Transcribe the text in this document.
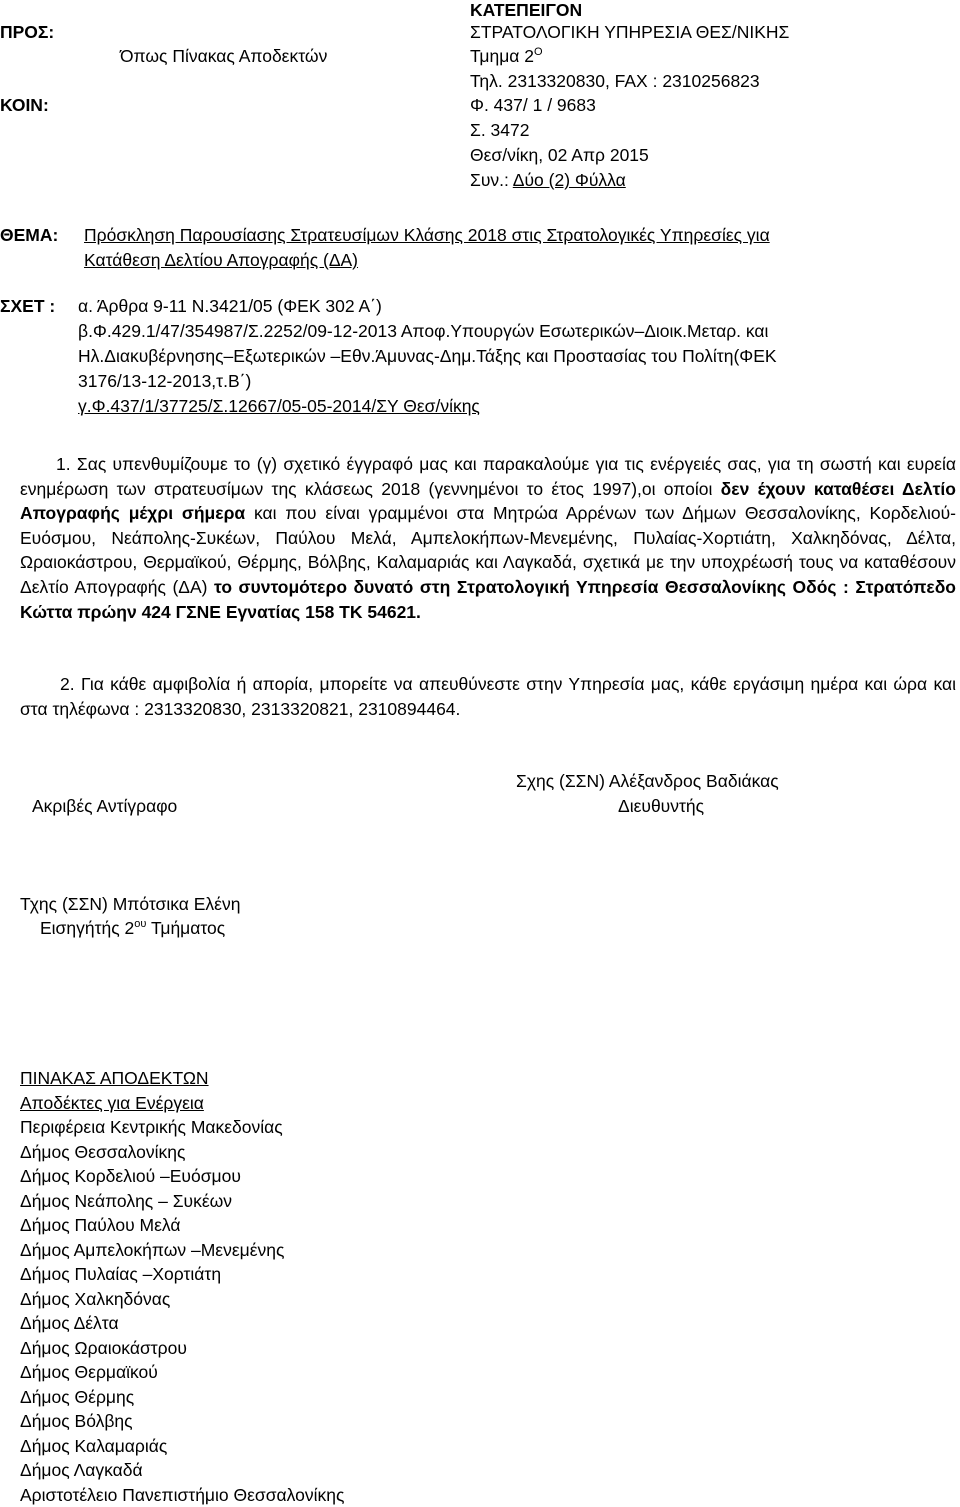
ΚΑΤΕΠΕΙΓΟΝ
ΠΡΟΣ:	ΣΤΡΑΤΟΛΟΓΙΚΗ ΥΠΗΡΕΣΙΑ ΘΕΣ/ΝΙΚΗΣ
Όπως Πίνακας Αποδεκτών	Τμημα $2^O$
Τηλ. 2313320830, FAX : 2310256823
ΚΟΙΝ:	Φ. 437/ 1 / 9683
Σ. 3472
Θεσ/νίκη, 02 Απρ 2015
Συν.: Δύο (2) Φύλλα
ΘΕΜΑ: Πρόσκληση Παρουσίασης Στρατευσίμων Κλάσης 2018 στις Στρατολογικές Υπηρεσίες για
Κατάθεση Δελτίου Απογραφής (ΔΑ)
ΣΧΕΤ : α. Άρθρα 9-11 Ν.3421/05 (ΦΕΚ 302 Α΄)
β.Φ.429.1/47/354987/Σ.2252/09-12-2013 Αποφ.Υπουργών Εσωτερικών–Διοικ.Μεταρ. και
Ηλ.Διακυβέρνησης–Εξωτερικών –Εθν.Άμυνας-Δημ.Τάξης και Προστασίας του Πολίτη(ΦΕΚ
3176/13-12-2013,τ.Β΄)
γ.Φ.437/1/37725/Σ.12667/05-05-2014/ΣΥ Θεσ/νίκης
1. Σας υπενθυμίζουμε το (γ) σχετικό έγγραφό μας και παρακαλούμε για τις ενέργειές σας, για τη σωστή και ευρεία ενημέρωση των στρατευσίμων της κλάσεως 2018 (γεννημένοι το έτος 1997),οι οποίοι δεν έχουν καταθέσει Δελτίο Απογραφής μέχρι σήμερα και που είναι γραμμένοι στα Μητρώα Αρρένων των Δήμων Θεσσαλονίκης, Κορδελιού-Ευόσμου, Νεάπολης-Συκέων, Παύλου Μελά, Αμπελοκήπων-Μενεμένης, Πυλαίας-Χορτιάτη, Χαλκηδόνας, Δέλτα, Ωραιοκάστρου, Θερμαϊκού, Θέρμης, Βόλβης, Καλαμαριάς και Λαγκαδά, σχετικά με την υποχρέωσή τους να καταθέσουν Δελτίο Απογραφής (ΔΑ) το συντομότερο δυνατό στη Στρατολογική Υπηρεσία Θεσσαλονίκης Οδός : Στρατόπεδο Κώττα πρώην 424 ΓΣΝΕ Εγνατίας 158 ΤΚ 54621.
2. Για κάθε αμφιβολία ή απορία, μπορείτε να απευθύνεστε στην Υπηρεσία μας, κάθε εργάσιμη ημέρα και ώρα και στα τηλέφωνα : 2313320830, 2313320821, 2310894464.
Σχης (ΣΣΝ) Αλέξανδρος Βαδιάκας
Διευθυντής
Ακριβές Αντίγραφο
Τχης (ΣΣΝ) Μπότσικα Ελένη
Εισηγήτής $2^{o\upsilon}$ Τμήματος
ΠΙΝΑΚΑΣ ΑΠΟΔΕΚΤΩΝ
Αποδέκτες για Ενέργεια
Περιφέρεια Κεντρικής Μακεδονίας
Δήμος Θεσσαλονίκης
Δήμος Κορδελιού –Ευόσμου
Δήμος Νεάπολης – Συκέων
Δήμος Παύλου Μελά
Δήμος Αμπελοκήπων –Μενεμένης
Δήμος Πυλαίας –Χορτιάτη
Δήμος Χαλκηδόνας
Δήμος Δέλτα
Δήμος Ωραιοκάστρου
Δήμος Θερμαϊκού
Δήμος Θέρμης
Δήμος Βόλβης
Δήμος Καλαμαριάς
Δήμος Λαγκαδά
Αριστοτέλειο Πανεπιστήμιο Θεσσαλονίκης
